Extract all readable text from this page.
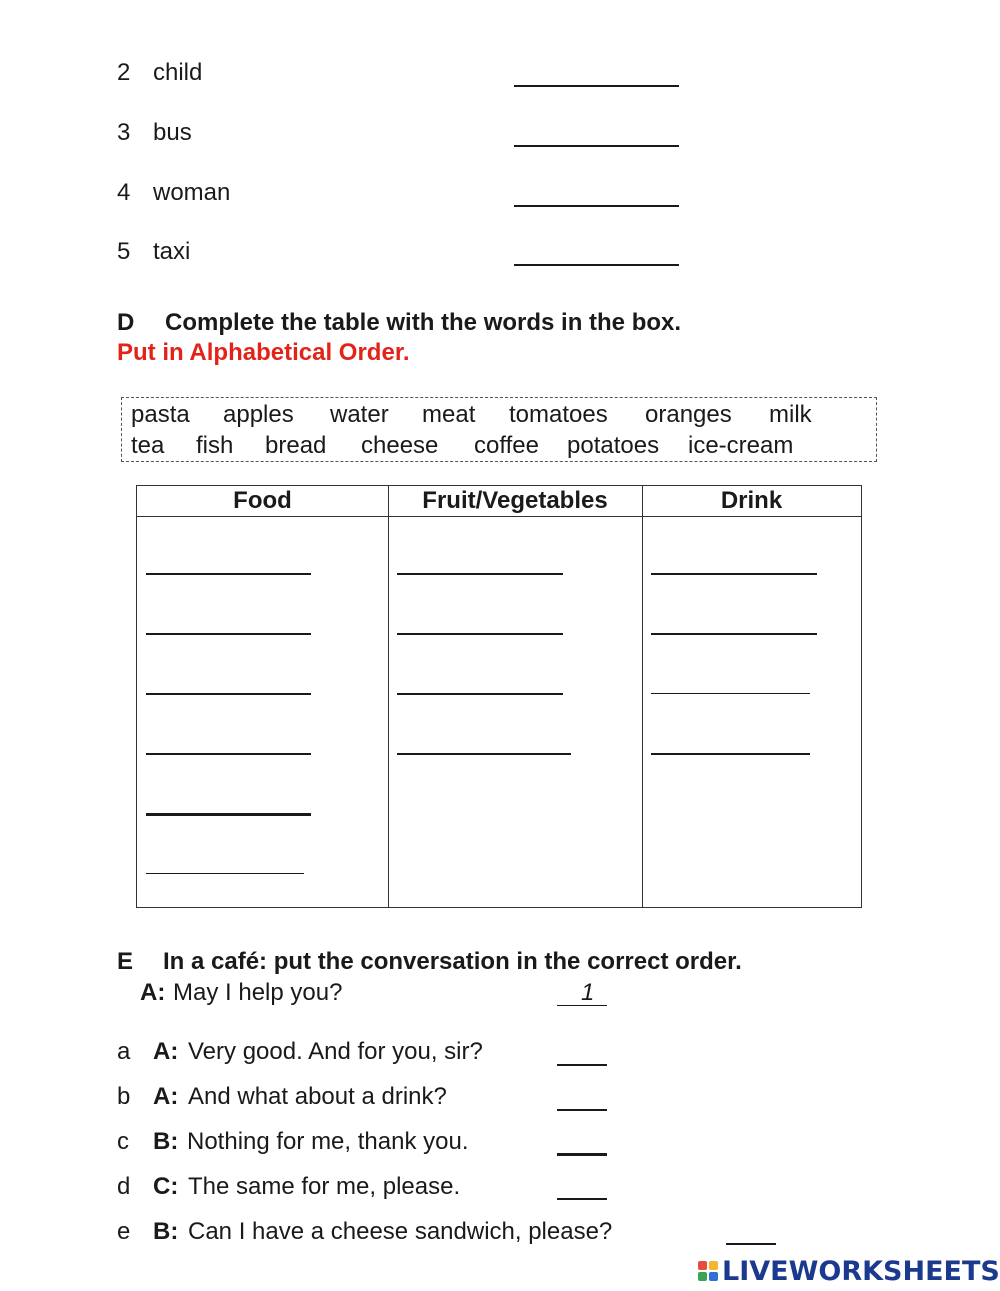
2 child
3 bus
4 woman
5 taxi
D Complete the table with the words in the box.
Put in Alphabetical Order.
pasta apples water meat tomatoes oranges milk
tea fish bread cheese coffee potatoes ice-cream
Food	Fruit/Vegetables	Drink
E In a café: put the conversation in the correct order.
A: May I help you?	1
a A: Very good. And for you, sir?
b A: And what about a drink?
c B: Nothing for me, thank you.
d C: The same for me, please.
e B: Can I have a cheese sandwich, please?
LIVEWORKSHEETS
